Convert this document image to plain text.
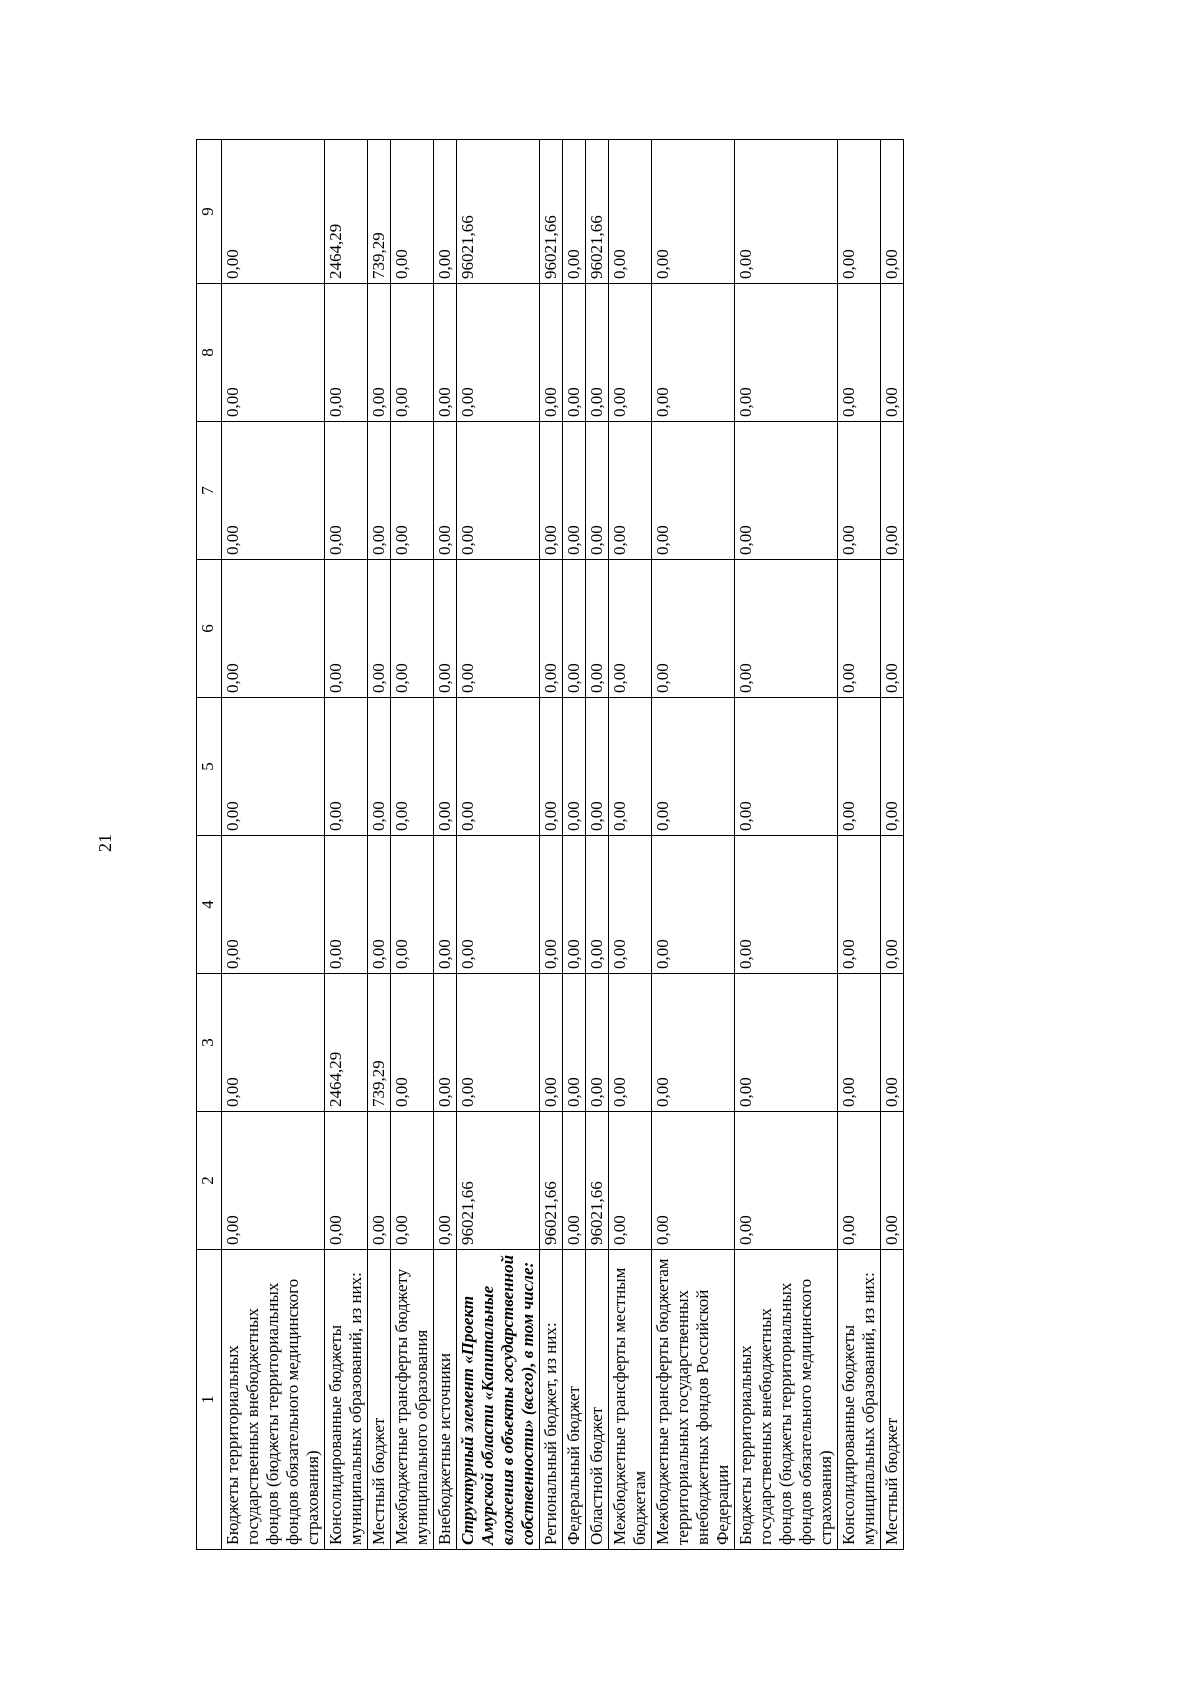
21
1	2	3	4	5	6	7	8	9
Бюджеты территориальных государственных внебюджетных фондов (бюджеты территориальных фондов обязательного медицинского страхования)	0,00	0,00	0,00	0,00	0,00	0,00	0,00	0,00
Консолидированные бюджеты муниципальных образований, из них:	0,00	2464,29	0,00	0,00	0,00	0,00	0,00	2464,29
Местный бюджет	0,00	739,29	0,00	0,00	0,00	0,00	0,00	739,29
Межбюджетные трансферты бюджету муниципального образования	0,00	0,00	0,00	0,00	0,00	0,00	0,00	0,00
Внебюджетные источники	0,00	0,00	0,00	0,00	0,00	0,00	0,00	0,00
Структурный элемент «Проект Амурской области «Капитальные вложения в объекты государственной собственности» (всего), в том числе:	96021,66	0,00	0,00	0,00	0,00	0,00	0,00	96021,66
Региональный бюджет, из них:	96021,66	0,00	0,00	0,00	0,00	0,00	0,00	96021,66
Федеральный бюджет	0,00	0,00	0,00	0,00	0,00	0,00	0,00	0,00
Областной бюджет	96021,66	0,00	0,00	0,00	0,00	0,00	0,00	96021,66
Межбюджетные трансферты местным бюджетам	0,00	0,00	0,00	0,00	0,00	0,00	0,00	0,00
Межбюджетные трансферты бюджетам территориальных государственных внебюджетных фондов Российской Федерации	0,00	0,00	0,00	0,00	0,00	0,00	0,00	0,00
Бюджеты территориальных государственных внебюджетных фондов (бюджеты территориальных фондов обязательного медицинского страхования)	0,00	0,00	0,00	0,00	0,00	0,00	0,00	0,00
Консолидированные бюджеты муниципальных образований, из них:	0,00	0,00	0,00	0,00	0,00	0,00	0,00	0,00
Местный бюджет	0,00	0,00	0,00	0,00	0,00	0,00	0,00	0,00
